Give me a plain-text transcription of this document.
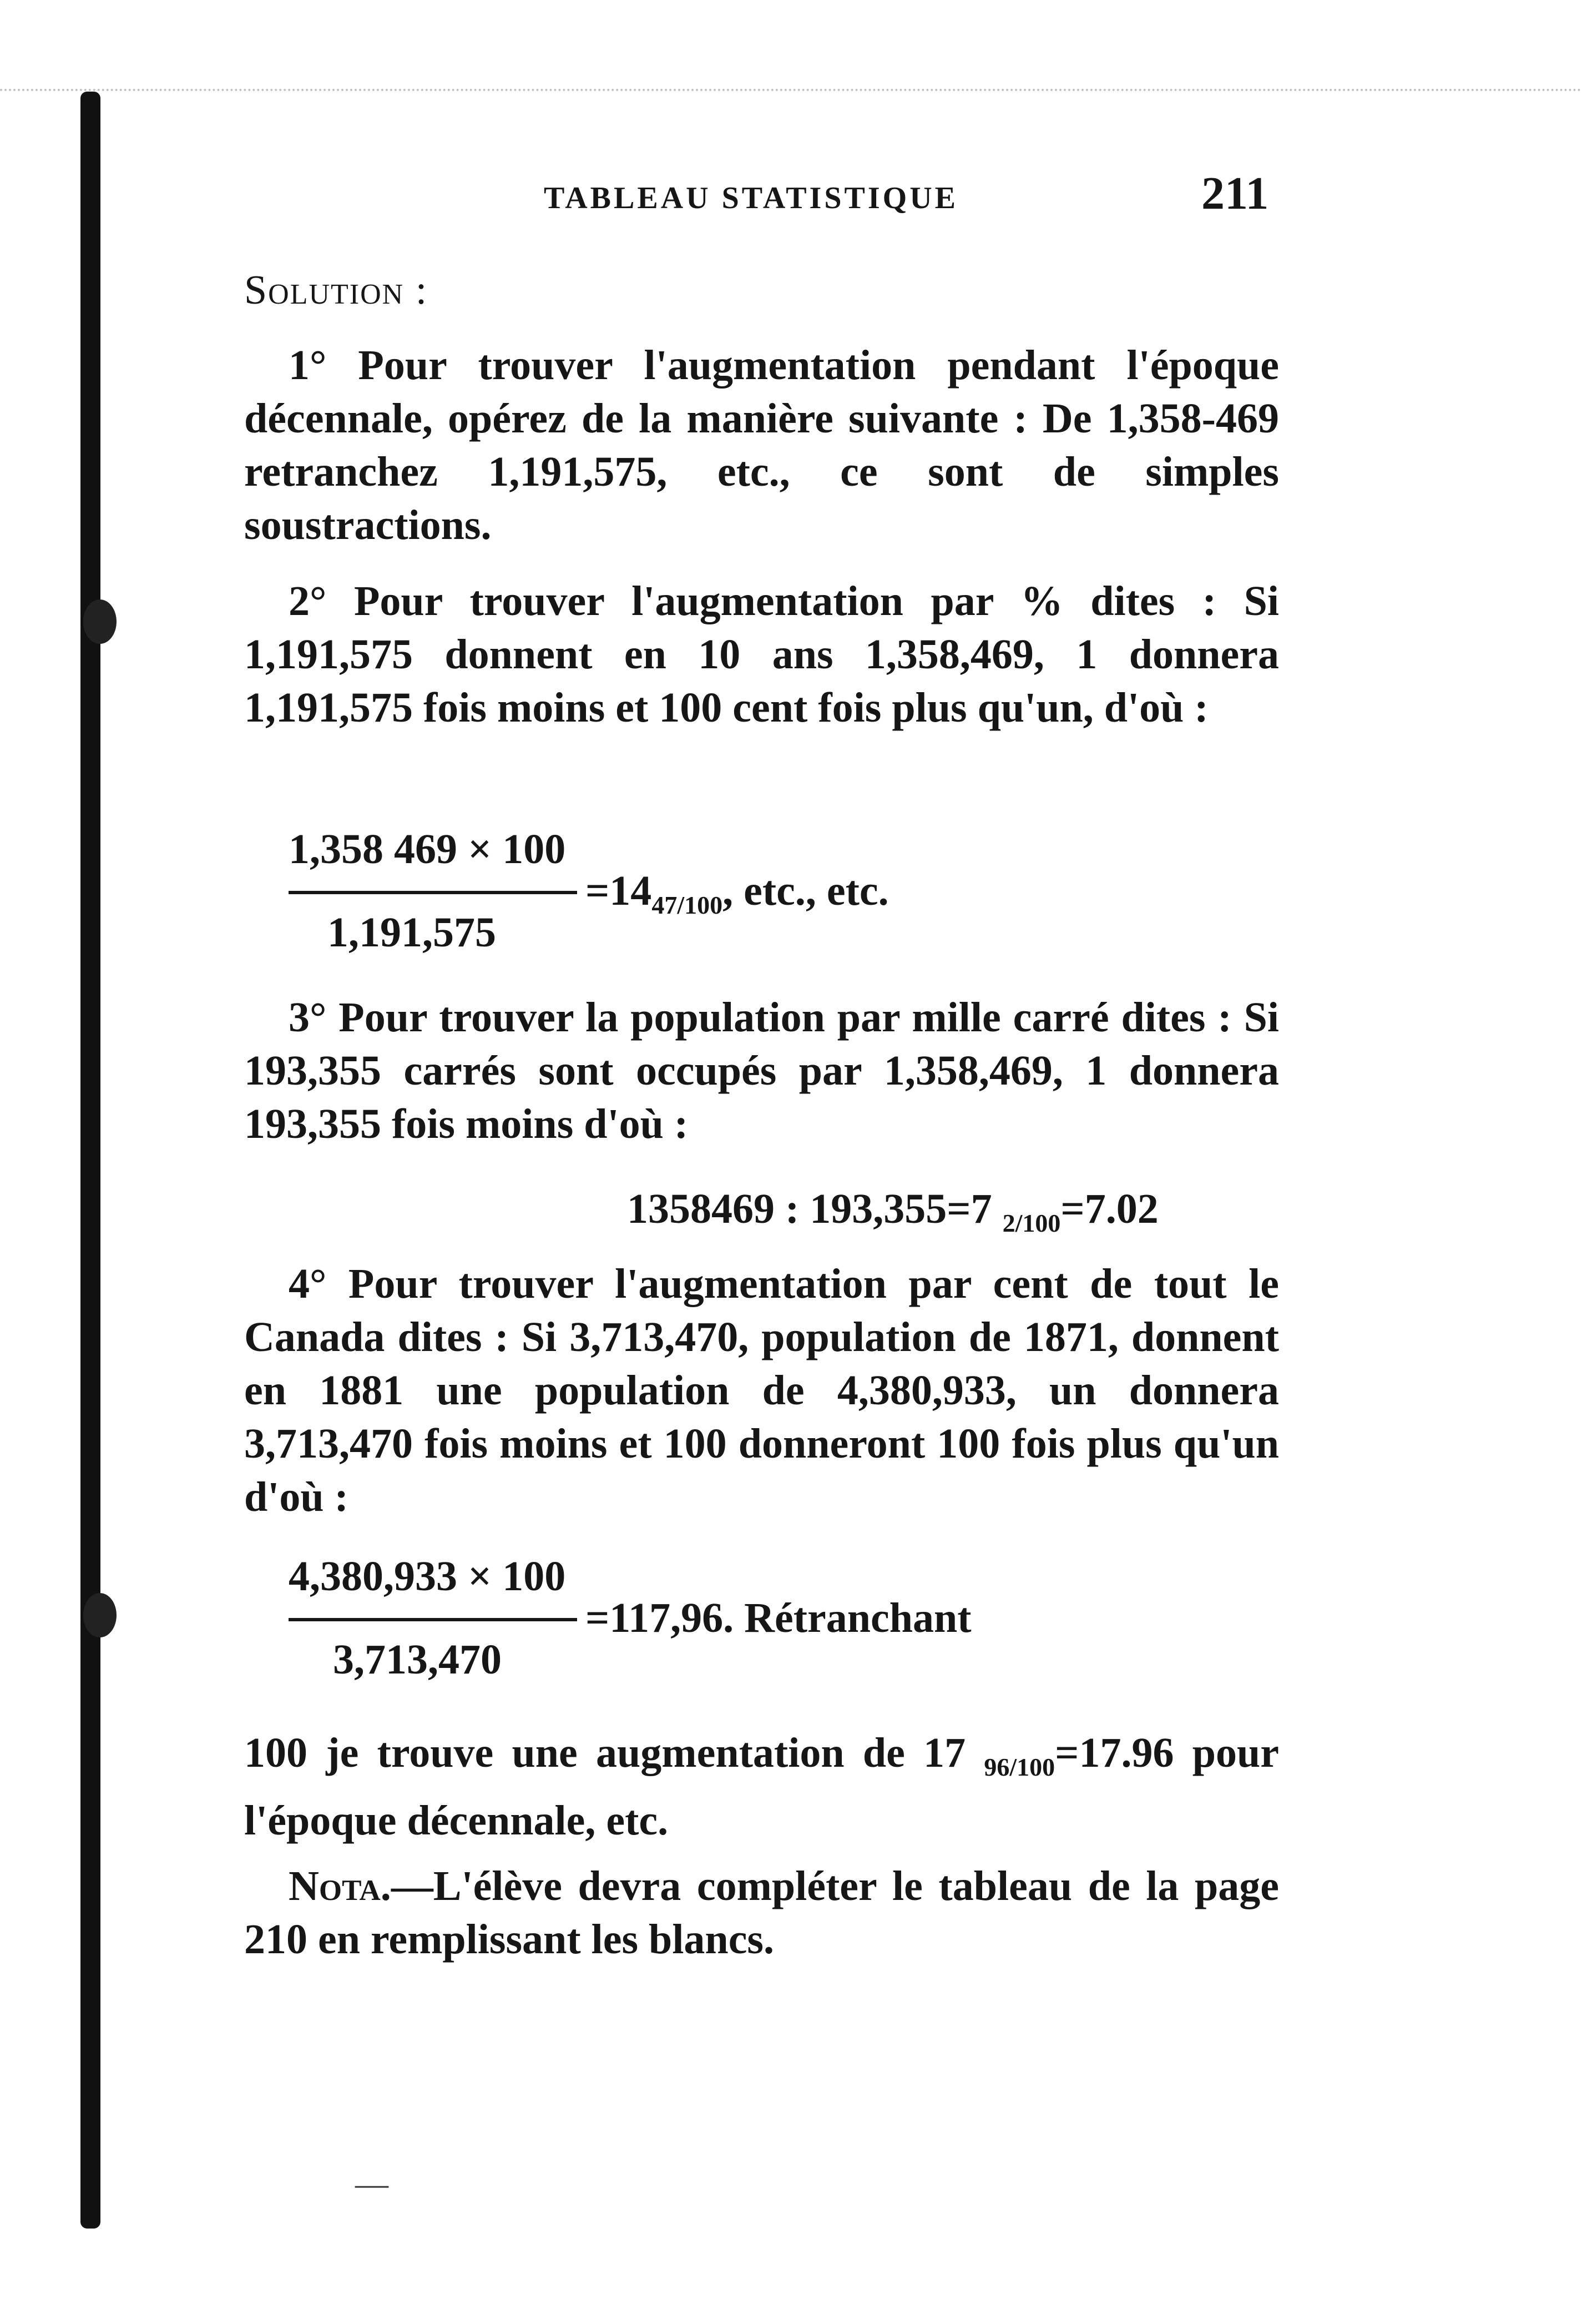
TABLEAU STATISTIQUE	211
Solution :
1° Pour trouver l'augmentation pendant l'époque décennale, opérez de la manière suivante : De 1,358-469 retranchez 1,191,575, etc., ce sont de simples soustractions.
2° Pour trouver l'augmentation par % dites : Si 1,191,575 donnent en 10 ans 1,358,469, 1 donnera 1,191,575 fois moins et 100 cent fois plus qu'un, d'où :
1,358 469 × 100
1,191,575
$=14_{47/100}$, etc., etc.
3° Pour trouver la population par mille carré dites : Si 193,355 carrés sont occupés par 1,358,469, 1 donnera 193,355 fois moins d'où :
1358469 : 193,355=7 $_{2/100}$=7.02
4° Pour trouver l'augmentation par cent de tout le Canada dites : Si 3,713,470, population de 1871, donnent en 1881 une population de 4,380,933, un donnera 3,713,470 fois moins et 100 donneront 100 fois plus qu'un d'où :
4,380,933 × 100
3,713,470
=117,96. Rétranchant
100 je trouve une augmentation de 17 $_{96/100}$=17.96 pour l'époque décennale, etc.
Nota.—L'élève devra compléter le tableau de la page 210 en remplissant les blancs.
—
